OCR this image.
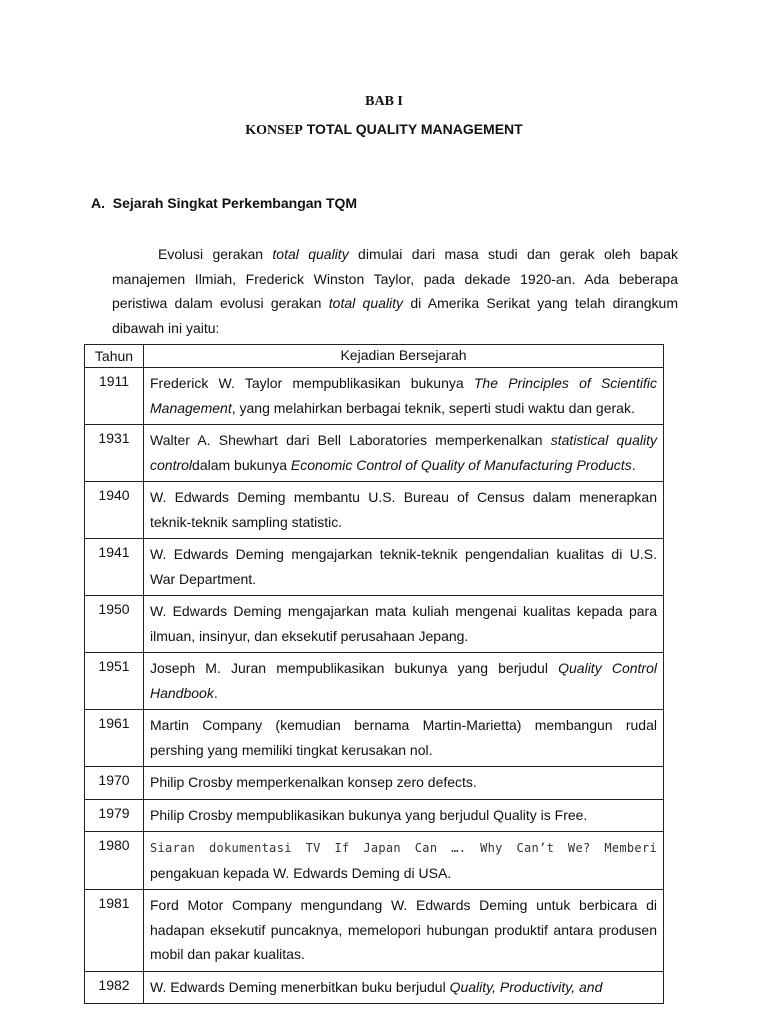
BAB I
KONSEP TOTAL QUALITY MANAGEMENT
A.  Sejarah Singkat Perkembangan TQM

Evolusi gerakan total quality dimulai dari masa studi dan gerak oleh bapak manajemen Ilmiah, Frederick Winston Taylor, pada dekade 1920-an. Ada beberapa peristiwa dalam evolusi gerakan total quality di Amerika Serikat yang telah dirangkum dibawah ini yaitu:

Tahun	Kejadian Bersejarah
1911	Frederick W. Taylor mempublikasikan bukunya The Principles of Scientific Management, yang melahirkan berbagai teknik, seperti studi waktu dan gerak.
1931	Walter A. Shewhart dari Bell Laboratories memperkenalkan statistical quality controldalam bukunya Economic Control of Quality of Manufacturing Products.
1940	W. Edwards Deming membantu U.S. Bureau of Census dalam menerapkan teknik-teknik sampling statistic.
1941	W. Edwards Deming mengajarkan teknik-teknik pengendalian kualitas di U.S. War Department.
1950	W. Edwards Deming mengajarkan mata kuliah mengenai kualitas kepada para ilmuan, insinyur, dan eksekutif perusahaan Jepang.
1951	Joseph M. Juran mempublikasikan bukunya yang berjudul Quality Control Handbook.
1961	Martin Company (kemudian bernama Martin-Marietta) membangun rudal pershing yang memiliki tingkat kerusakan nol.
1970	Philip Crosby memperkenalkan konsep zero defects.
1979	Philip Crosby mempublikasikan bukunya yang berjudul Quality is Free.
1980	Siaran dokumentasi TV If Japan Can …. Why Can’t We? Memberi pengakuan kepada W. Edwards Deming di USA.
1981	Ford Motor Company mengundang W. Edwards Deming untuk berbicara di hadapan eksekutif puncaknya, memelopori hubungan produktif antara produsen mobil dan pakar kualitas.
1982	W. Edwards Deming menerbitkan buku berjudul Quality, Productivity, and
